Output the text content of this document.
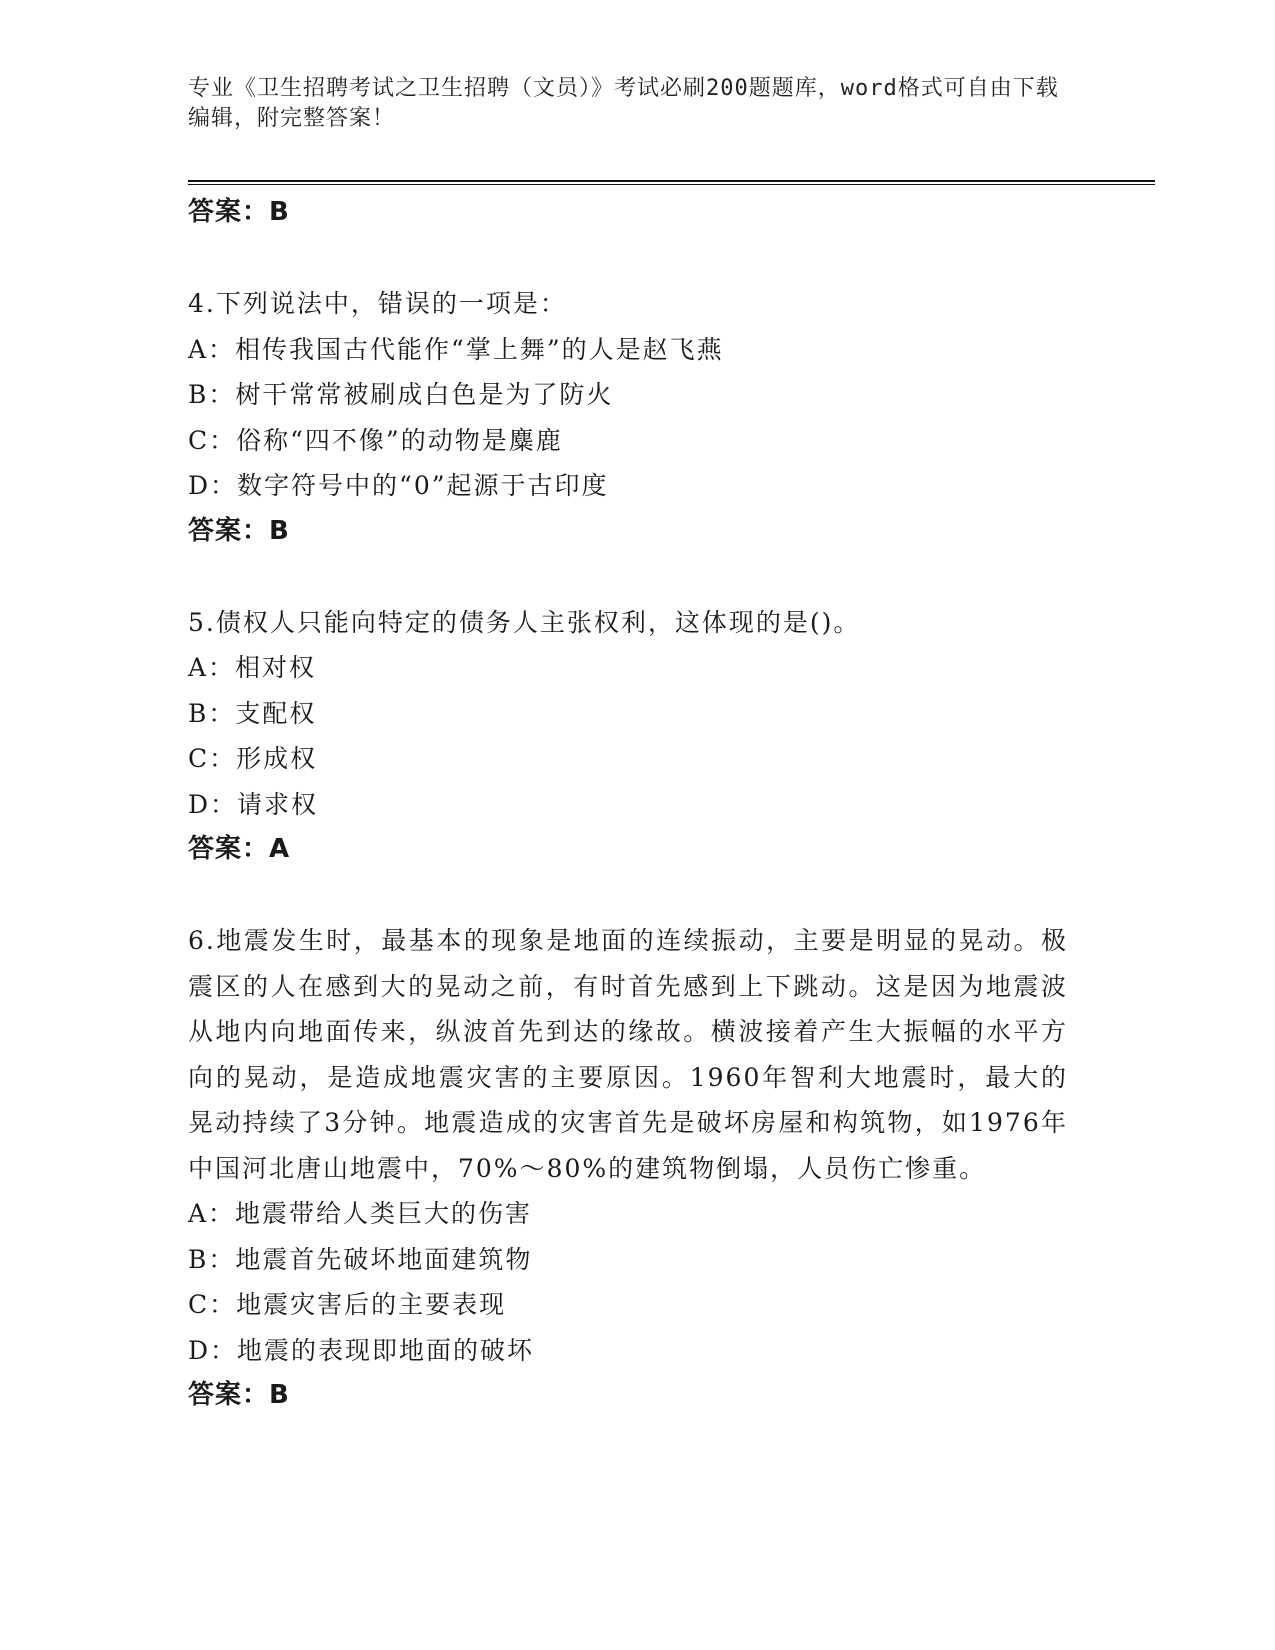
专业《卫生招聘考试之卫生招聘（文员）》考试必刷200题题库，word格式可自由下载编辑，附完整答案！
答案：B
4.下列说法中，错误的一项是：
A：相传我国古代能作“掌上舞”的人是赵飞燕
B：树干常常被刷成白色是为了防火
C：俗称“四不像”的动物是麋鹿
D：数字符号中的“0”起源于古印度
答案：B
5.债权人只能向特定的债务人主张权利，这体现的是()。
A：相对权
B：支配权
C：形成权
D：请求权
答案：A
6.地震发生时，最基本的现象是地面的连续振动，主要是明显的晃动。极震区的人在感到大的晃动之前，有时首先感到上下跳动。这是因为地震波从地内向地面传来，纵波首先到达的缘故。横波接着产生大振幅的水平方向的晃动，是造成地震灾害的主要原因。1960年智利大地震时，最大的晃动持续了3分钟。地震造成的灾害首先是破坏房屋和构筑物，如1976年中国河北唐山地震中，70%～80%的建筑物倒塌，人员伤亡惨重。
A：地震带给人类巨大的伤害
B：地震首先破坏地面建筑物
C：地震灾害后的主要表现
D：地震的表现即地面的破坏
答案：B
